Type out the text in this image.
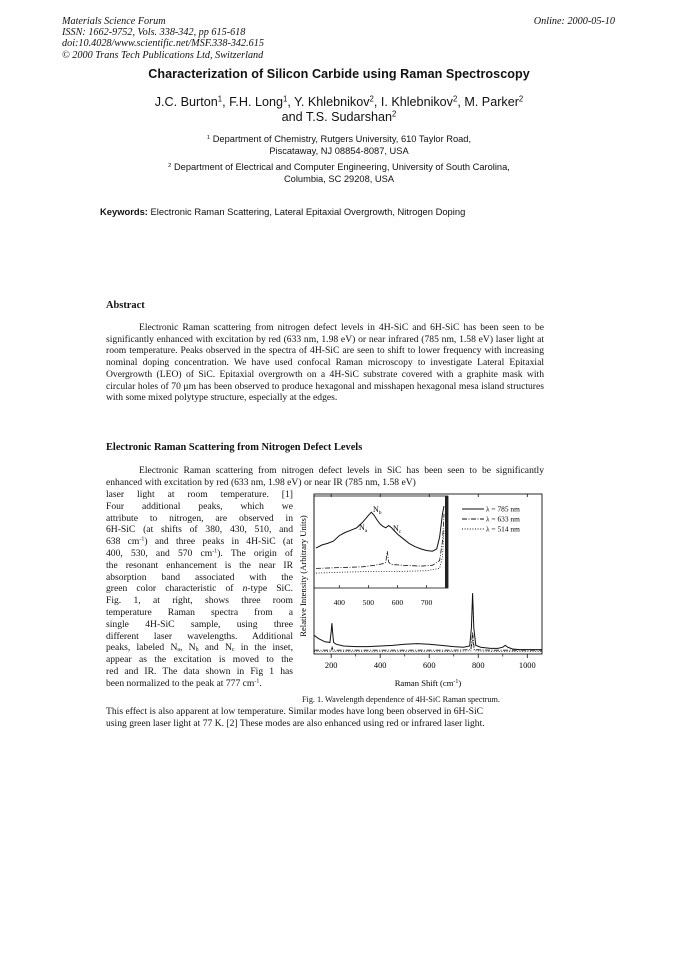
Materials Science Forum
ISSN: 1662-9752, Vols. 338-342, pp 615-618
doi:10.4028/www.scientific.net/MSF.338-342.615
© 2000 Trans Tech Publications Ltd, Switzerland
Online: 2000-05-10
Characterization of Silicon Carbide using Raman Spectroscopy
J.C. Burton$^1$, F.H. Long$^1$, Y. Khlebnikov$^2$, I. Khlebnikov$^2$, M. Parker$^2$
and T.S. Sudarshan$^2$
$^1$ Department of Chemistry, Rutgers University, 610 Taylor Road,
Piscataway, NJ 08854-8087, USA
$^2$ Department of Electrical and Computer Engineering, University of South Carolina,
Columbia, SC 29208, USA
Keywords: Electronic Raman Scattering, Lateral Epitaxial Overgrowth, Nitrogen Doping
Abstract
Electronic Raman scattering from nitrogen defect levels in 4H-SiC and 6H-SiC has been seen to be significantly enhanced with excitation by red (633 nm, 1.98 eV) or near infrared (785 nm, 1.58 eV) laser light at room temperature. Peaks observed in the spectra of 4H-SiC are seen to shift to lower frequency with increasing nominal doping concentration. We have used confocal Raman microscopy to investigate Lateral Epitaxial Overgrowth (LEO) of SiC. Epitaxial overgrowth on a 4H-SiC substrate covered with a graphite mask with circular holes of 70 μm has been observed to produce hexagonal and misshapen hexagonal mesa island structures with some mixed polytype structure, especially at the edges.
Electronic Raman Scattering from Nitrogen Defect Levels
Electronic Raman scattering from nitrogen defect levels in SiC has been seen to be significantly enhanced with excitation by red (633 nm, 1.98 eV) or near IR (785 nm, 1.58 eV)
laser light at room temperature. [1]
Four additional peaks, which we
attribute to nitrogen, are observed in
6H-SiC (at shifts of 380, 430, 510, and
638 $cm^{-1}$) and three peaks in 4H-SiC (at
400, 530, and 570 $cm^{-1}$). The origin of
the resonant enhancement is the near IR
absorption band associated with the
green color characteristic of n-type SiC.
Fig. 1, at right, shows three room
temperature Raman spectra from a
single 4H-SiC sample, using three
different laser wavelengths. Additional
peaks, labeled $N_a$, $N_b$ and $N_c$ in the inset,
appear as the excitation is moved to the
red and IR. The data shown in Fig 1 has
been normalized to the peak at 777 $cm^{-1}$.
This effect is also apparent at low temperature. Similar modes have long been observed in 6H-SiC
using green laser light at 77 K. [2] These modes are also enhanced using red or infrared laser light.
200	400	600	800	1000
400 500 600 700
λ = 785 nm
λ = 633 nm
λ = 514 nm
$N_a$
$N_b$
$N_c$
Relative Intensity (Arbitrary Units)
Raman Shift $(cm^{-1})$
Fig. 1. Wavelength dependence of 4H-SiC Raman spectrum.
